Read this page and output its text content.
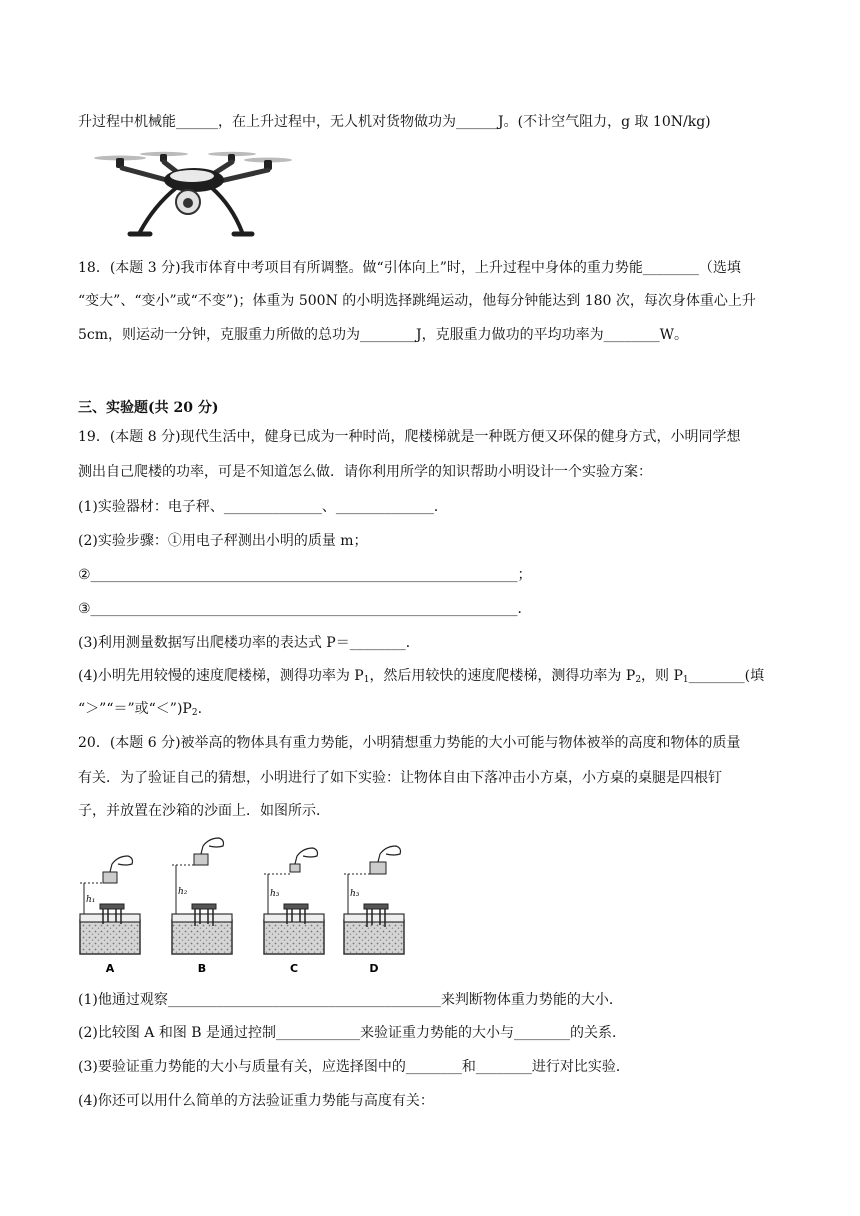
升过程中机械能______，在上升过程中，无人机对货物做功为______J。(不计空气阻力，g 取 10N/kg)
18．(本题 3 分)我市体育中考项目有所调整。做“引体向上”时，上升过程中身体的重力势能________（选填
“变大”、“变小”或“不变”)；体重为 500N 的小明选择跳绳运动，他每分钟能达到 180 次，每次身体重心上升
5cm，则运动一分钟，克服重力所做的总功为________J，克服重力做功的平均功率为________W。
三、实验题(共 20 分)
19．(本题 8 分)现代生活中，健身已成为一种时尚，爬楼梯就是一种既方便又环保的健身方式，小明同学想
测出自己爬楼的功率，可是不知道怎么做．请你利用所学的知识帮助小明设计一个实验方案：
(1)实验器材：电子秤、______________、______________．
(2)实验步骤：①用电子秤测出小明的质量 m；
②_____________________________________________________________；
③_____________________________________________________________．
(3)利用测量数据写出爬楼功率的表达式 P＝________．
(4)小明先用较慢的速度爬楼梯，测得功率为 $P_1$，然后用较快的速度爬楼梯，测得功率为 $P_2$，则 $P_1\_\_\_\_\_\_\_\_$(填
“＞”“＝”或“$<”)P_2$.
20．(本题 6 分)被举高的物体具有重力势能，小明猜想重力势能的大小可能与物体被举的高度和物体的质量
有关．为了验证自己的猜想，小明进行了如下实验：让物体自由下落冲击小方桌，小方桌的桌腿是四根钉
子，并放置在沙箱的沙面上．如图所示．
h₁
h₂	h₃	h₃
A	B	C	D
(1)他通过观察_______________________________________来判断物体重力势能的大小．
(2)比较图 A 和图 B 是通过控制____________来验证重力势能的大小与________的关系．
(3)要验证重力势能的大小与质量有关，应选择图中的________和________进行对比实验．
(4)你还可以用什么简单的方法验证重力势能与高度有关：
